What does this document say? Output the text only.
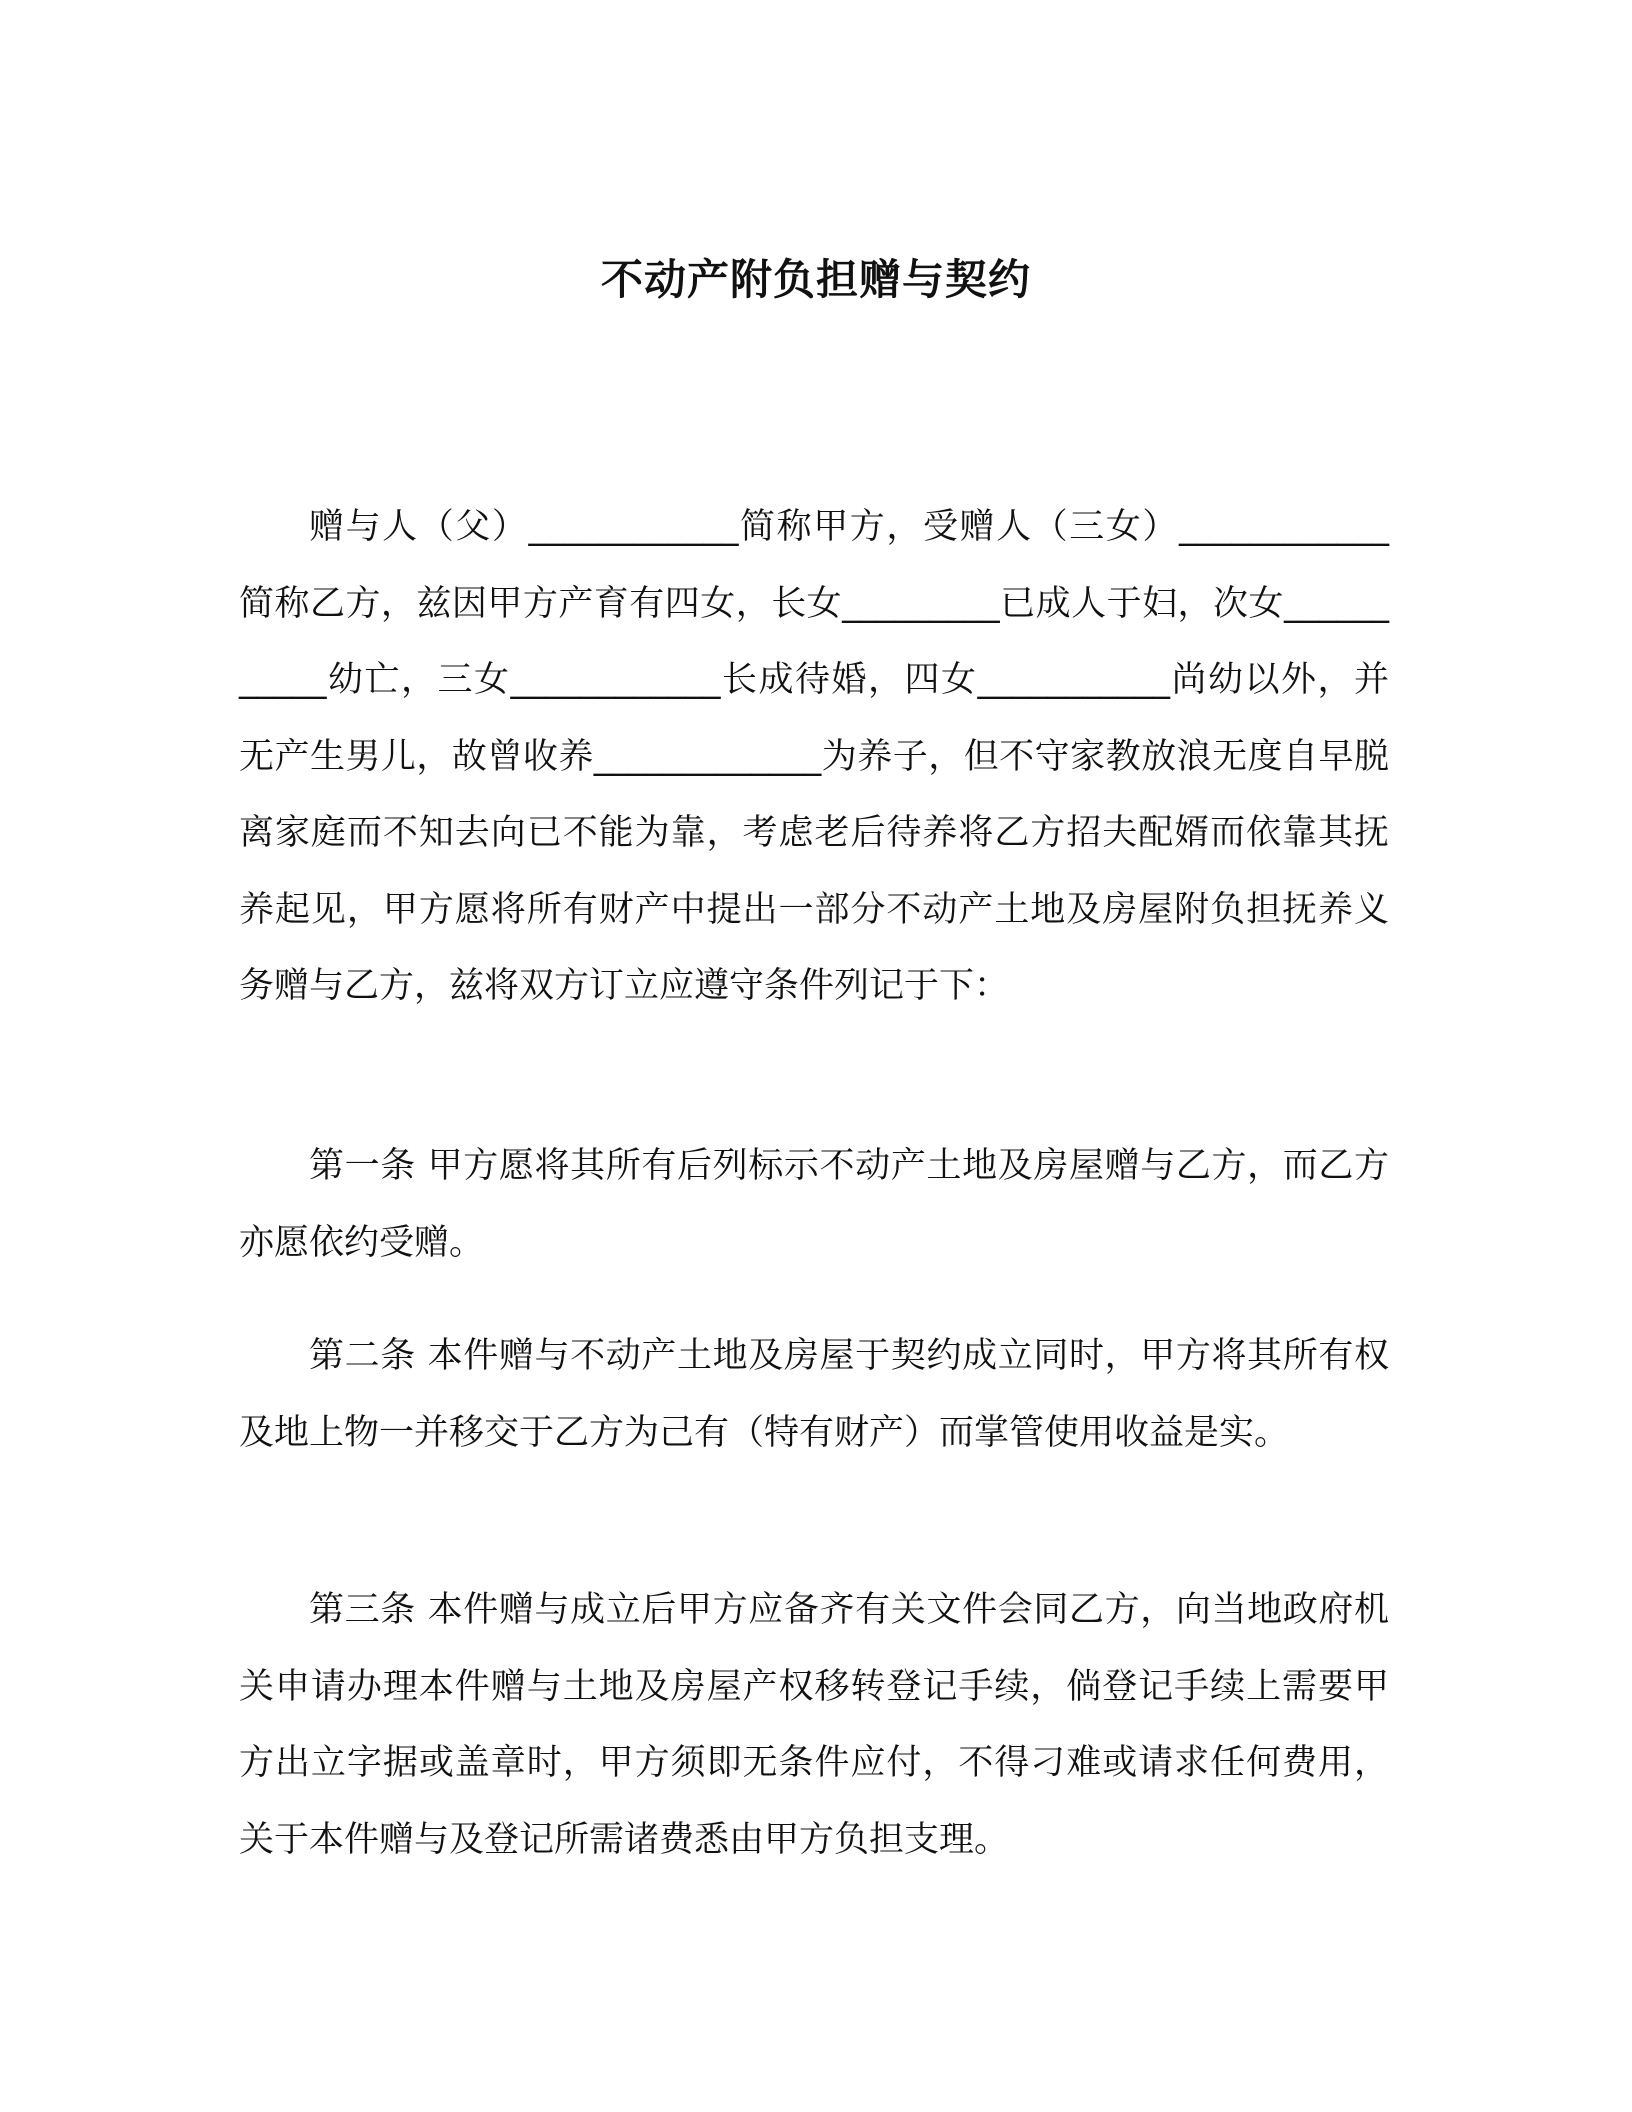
不动产附负担赠与契约

赠与人（父）____________简称甲方，受赠人（三女）____________简称乙方，兹因甲方产育有四女，长女_________已成人于妇，次女___________幼亡，三女____________长成待婚，四女___________尚幼以外，并无产生男儿，故曾收养_____________为养子，但不守家教放浪无度自早脱离家庭而不知去向已不能为靠，考虑老后待养将乙方招夫配婿而依靠其抚养起见，甲方愿将所有财产中提出一部分不动产土地及房屋附负担抚养义务赠与乙方，兹将双方订立应遵守条件列记于下：

第一条 甲方愿将其所有后列标示不动产土地及房屋赠与乙方，而乙方亦愿依约受赠。

第二条 本件赠与不动产土地及房屋于契约成立同时，甲方将其所有权及地上物一并移交于乙方为己有（特有财产）而掌管使用收益是实。

第三条 本件赠与成立后甲方应备齐有关文件会同乙方，向当地政府机关申请办理本件赠与土地及房屋产权移转登记手续，倘登记手续上需要甲方出立字据或盖章时，甲方须即无条件应付，不得刁难或请求任何费用，关于本件赠与及登记所需诸费悉由甲方负担支理。
